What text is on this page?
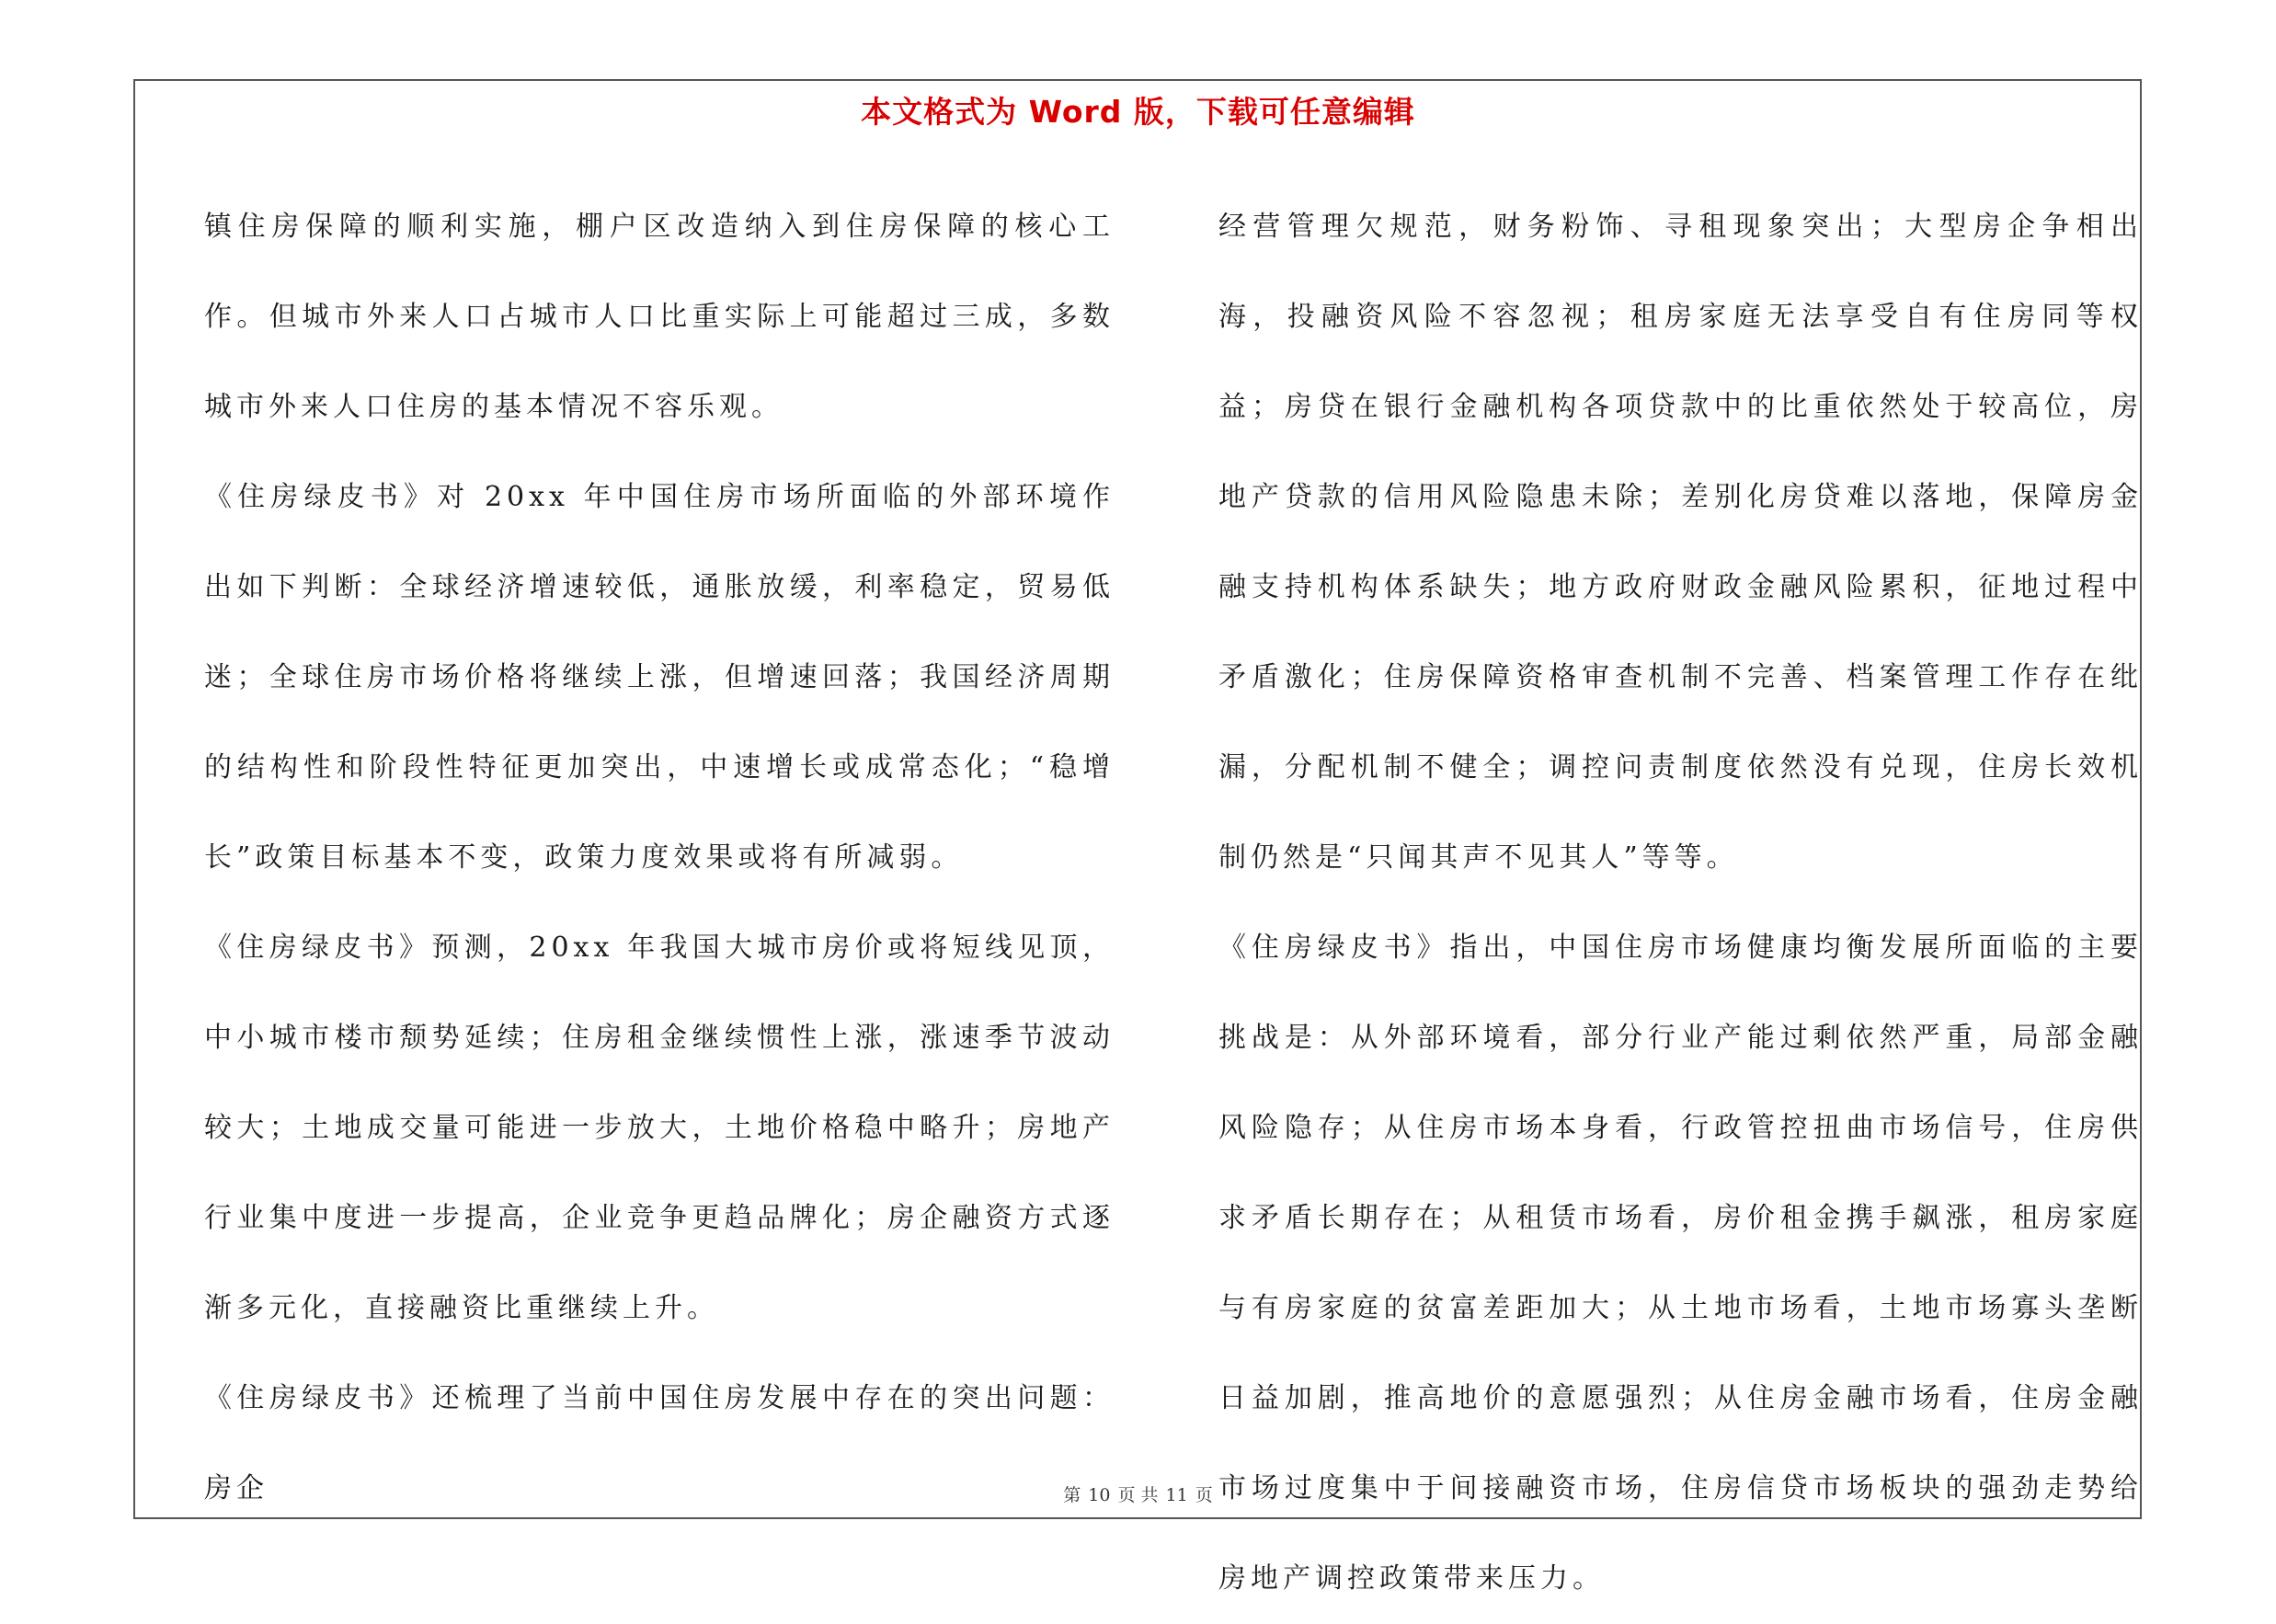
本文格式为 Word 版，下载可任意编辑

镇住房保障的顺利实施，棚户区改造纳入到住房保障的核心工作。但城市外来人口占城市人口比重实际上可能超过三成，多数城市外来人口住房的基本情况不容乐观。

《住房绿皮书》对 20xx 年中国住房市场所面临的外部环境作出如下判断：全球经济增速较低，通胀放缓，利率稳定，贸易低迷；全球住房市场价格将继续上涨，但增速回落；我国经济周期的结构性和阶段性特征更加突出，中速增长或成常态化；“稳增长”政策目标基本不变，政策力度效果或将有所减弱。

《住房绿皮书》预测，20xx 年我国大城市房价或将短线见顶，中小城市楼市颓势延续；住房租金继续惯性上涨，涨速季节波动较大；土地成交量可能进一步放大，土地价格稳中略升；房地产行业集中度进一步提高，企业竞争更趋品牌化；房企融资方式逐渐多元化，直接融资比重继续上升。

《住房绿皮书》还梳理了当前中国住房发展中存在的突出问题：房企

经营管理欠规范，财务粉饰、寻租现象突出；大型房企争相出海，投融资风险不容忽视；租房家庭无法享受自有住房同等权益；房贷在银行金融机构各项贷款中的比重依然处于较高位，房地产贷款的信用风险隐患未除；差别化房贷难以落地，保障房金融支持机构体系缺失；地方政府财政金融风险累积，征地过程中矛盾激化；住房保障资格审查机制不完善、档案管理工作存在纰漏，分配机制不健全；调控问责制度依然没有兑现，住房长效机制仍然是“只闻其声不见其人”等等。

《住房绿皮书》指出，中国住房市场健康均衡发展所面临的主要挑战是：从外部环境看，部分行业产能过剩依然严重，局部金融风险隐存；从住房市场本身看，行政管控扭曲市场信号，住房供求矛盾长期存在；从租赁市场看，房价租金携手飙涨，租房家庭与有房家庭的贫富差距加大；从土地市场看，土地市场寡头垄断日益加剧，推高地价的意愿强烈；从住房金融市场看，住房金融市场过度集中于间接融资市场，住房信贷市场板块的强劲走势给房地产调控政策带来压力。

第 10 页 共 11 页
